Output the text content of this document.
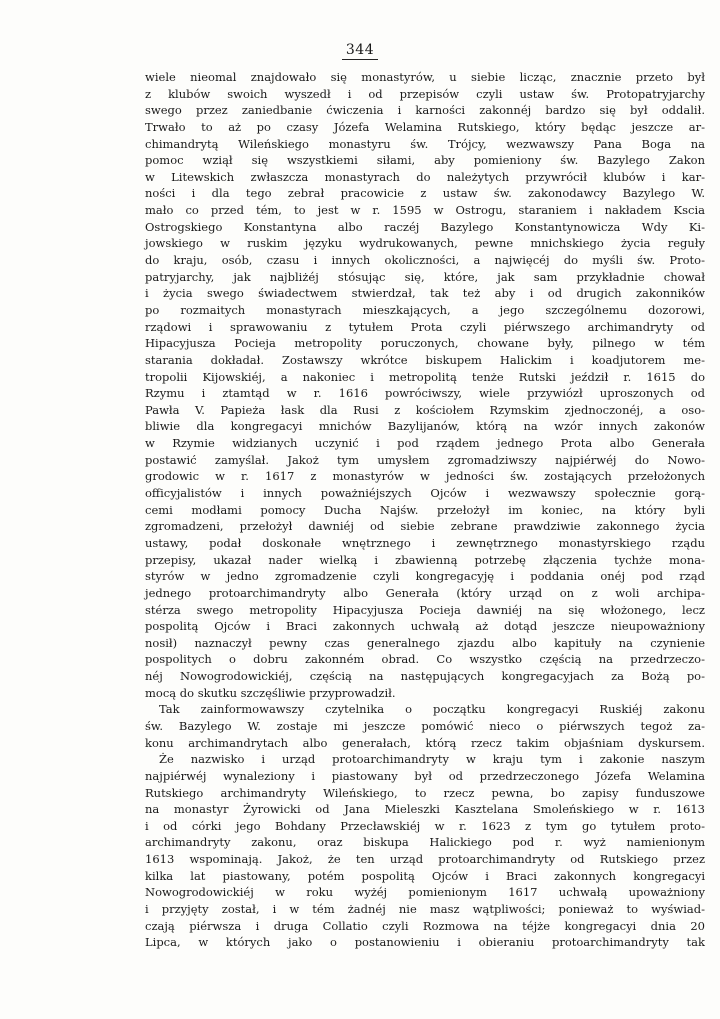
344
wiele nieomal znajdowało się monastyrów, u siebie licząc, znacznie przeto był
z klubów swoich wyszedł i od przepisów czyli ustaw św. Protopatryjarchy
swego przez zaniedbanie ćwiczenia i karności zakonnéj bardzo się był oddalił.
Trwało to aż po czasy Józefa Welamina Rutskiego, który będąc jeszcze ar-
chimandrytą Wileńskiego monastyru św. Trójcy, wezwawszy Pana Boga na
pomoc wziął się wszystkiemi siłami, aby pomieniony św. Bazylego Zakon
w Litewskich zwłaszcza monastyrach do należytych przywrócił klubów i kar-
ności i dla tego zebrał pracowicie z ustaw św. zakonodawcy Bazylego W.
mało co przed tém, to jest w r. 1595 w Ostrogu, staraniem i nakładem Kscia
Ostrogskiego Konstantyna albo raczéj Bazylego Konstantynowicza Wdy Ki-
jowskiego w ruskim języku wydrukowanych, pewne mnichskiego życia reguły
do kraju, osób, czasu i innych okoliczności, a najwięcéj do myśli św. Proto-
patryjarchy, jak najbliżéj stósując się, które, jak sam przykładnie chował
i życia swego świadectwem stwierdzał, tak też aby i od drugich zakonników
po rozmaitych monastyrach mieszkających, a jego szczególnemu dozorowi,
rządowi i sprawowaniu z tytułem Prota czyli piérwszego archimandryty od
Hipacyjusza Pocieja metropolity poruczonych, chowane były, pilnego w tém
starania dokładał. Zostawszy wkrótce biskupem Halickim i koadjutorem me-
tropolii Kijowskiéj, a nakoniec i metropolitą tenże Rutski jeździł r. 1615 do
Rzymu i ztamtąd w r. 1616 powróciwszy, wiele przywiózł uproszonych od
Pawła V. Papieża łask dla Rusi z kościołem Rzymskim zjednoczonéj, a oso-
bliwie dla kongregacyi mnichów Bazylijanów, którą na wzór innych zakonów
w Rzymie widzianych uczynić i pod rządem jednego Prota albo Generała
postawić zamyślał. Jakoż tym umysłem zgromadziwszy najpiérwéj do Nowo-
grodowic w r. 1617 z monastyrów w jedności św. zostających przełożonych
officyjalistów i innych poważniéjszych Ojców i wezwawszy społecznie gorą-
cemi modłami pomocy Ducha Najśw. przełożył im koniec, na który byli
zgromadzeni, przełożył dawniéj od siebie zebrane prawdziwie zakonnego życia
ustawy, podał doskonałe wnętrznego i zewnętrznego monastyrskiego rządu
przepisy, ukazał nader wielką i zbawienną potrzebę złączenia tychże mona-
styrów w jedno zgromadzenie czyli kongregacyję i poddania onéj pod rząd
jednego protoarchimandryty albo Generała (który urząd on z woli archipa-
stérza swego metropolity Hipacyjusza Pocieja dawniéj na się włożonego, lecz
pospolitą Ojców i Braci zakonnych uchwałą aż dotąd jeszcze nieupoważniony
nosił) naznaczył pewny czas generalnego zjazdu albo kapituły na czynienie
pospolitych o dobru zakonném obrad. Co wszystko częścią na przedrzeczo-
néj Nowogrodowickiéj, częścią na następujących kongregacyjach za Bożą po-
mocą do skutku szczęśliwie przyprowadził.
Tak zainformowawszy czytelnika o początku kongregacyi Ruskiéj zakonu
św. Bazylego W. zostaje mi jeszcze pomówić nieco o piérwszych tegoż za-
konu archimandrytach albo generałach, którą rzecz takim objaśniam dyskursem.
Że nazwisko i urząd protoarchimandryty w kraju tym i zakonie naszym
najpiérwéj wynaleziony i piastowany był od przedrzeczonego Józefa Welamina
Rutskiego archimandryty Wileńskiego, to rzecz pewna, bo zapisy funduszowe
na monastyr Żyrowicki od Jana Mieleszki Kasztelana Smoleńskiego w r. 1613
i od córki jego Bohdany Przecławskiéj w r. 1623 z tym go tytułem proto-
archimandryty zakonu, oraz biskupa Halickiego pod r. wyż namienionym
1613 wspominają. Jakoż, że ten urząd protoarchimandryty od Rutskiego przez
kilka lat piastowany, potém pospolitą Ojców i Braci zakonnych kongregacyi
Nowogrodowickiéj w roku wyżéj pomienionym 1617 uchwałą upoważniony
i przyjęty został, i w tém żadnéj nie masz wątpliwości; ponieważ to wyświad-
czają piérwsza i druga Collatio czyli Rozmowa na téjże kongregacyi dnia 20
Lipca, w których jako o postanowieniu i obieraniu protoarchimandryty tak
